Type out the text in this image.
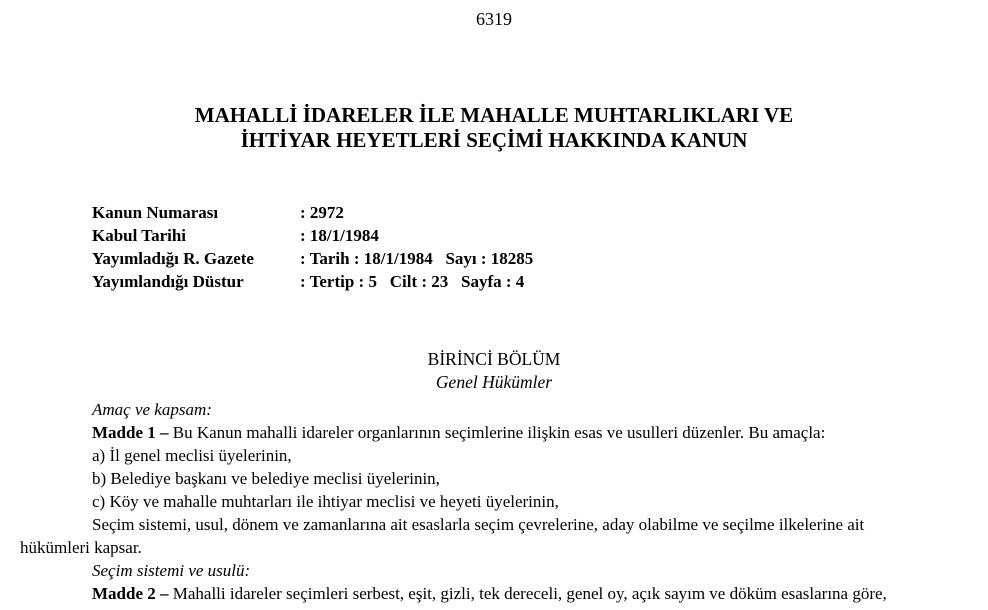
6319
MAHALLİ İDARELER İLE MAHALLE MUHTARLIKLARI VE
İHTİYAR HEYETLERİ SEÇİMİ HAKKINDA KANUN
Kanun Numarası	: 2972
Kabul Tarihi	: 18/1/1984
Yayımladığı R. Gazete	: Tarih : 18/1/1984   Sayı : 18285
Yayımlandığı Düstur	: Tertip : 5   Cilt : 23   Sayfa : 4
BİRİNCİ BÖLÜM
Genel Hükümler
Amaç ve kapsam:
Madde 1 – Bu Kanun mahalli idareler organlarının seçimlerine ilişkin esas ve usulleri düzenler. Bu amaçla:
a) İl genel meclisi üyelerinin,
b) Belediye başkanı ve belediye meclisi üyelerinin,
c) Köy ve mahalle muhtarları ile ihtiyar meclisi ve heyeti üyelerinin,
Seçim sistemi, usul, dönem ve zamanlarına ait esaslarla seçim çevrelerine, aday olabilme ve seçilme ilkelerine ait
hükümleri kapsar.
Seçim sistemi ve usulü:
Madde 2 – Mahalli idareler seçimleri serbest, eşit, gizli, tek dereceli, genel oy, açık sayım ve döküm esaslarına göre,
